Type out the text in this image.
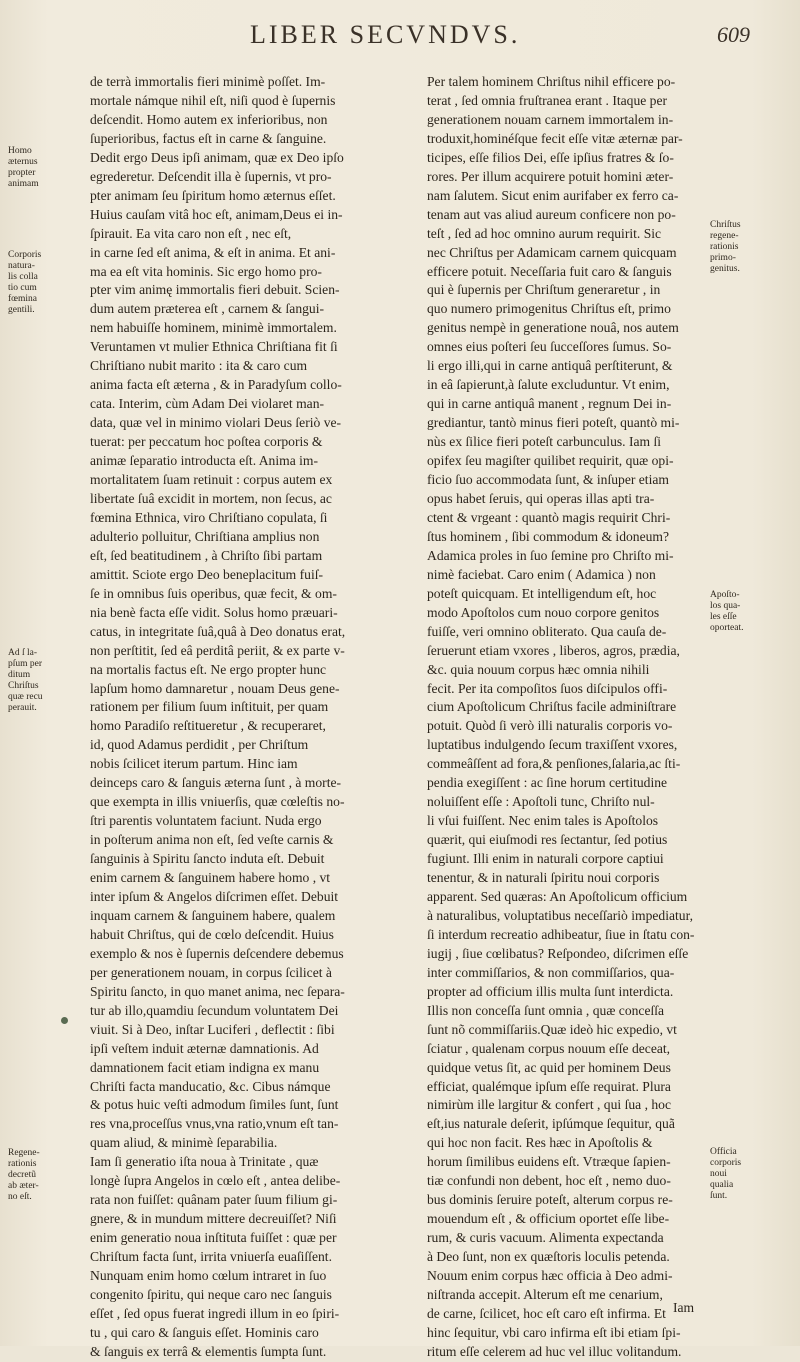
LIBER SECVNDVS.	609
de terrà immortalis fieri minimè poſſet. Im-
mortale námque nihil eſt, niſi quod è ſupernis
deſcendit. Homo autem ex inferioribus, non
ſuperioribus, factus eſt in carne & ſanguine.
Dedit ergo Deus ipſi animam, quæ ex Deo ipſo
egrederetur. Deſcendit illa è ſupernis, vt pro-
pter animam ſeu ſpiritum homo æternus eſſet.
Huius cauſam vitâ hoc eſt, animam,Deus ei in-
ſpirauit. Ea vita caro non eſt , nec eſt,
in carne ſed eſt anima, & eſt in anima. Et ani-
ma ea eſt vita hominis. Sic ergo homo pro-
pter vim animę immortalis fieri debuit. Scien-
dum autem præterea eſt , carnem & ſangui-
nem habuiſſe hominem, minimè immortalem.
Veruntamen vt mulier Ethnica Chriſtiana fit ſi
Chriſtiano nubit marito : ita & caro cum
anima facta eſt æterna , & in Paradyſum collo-
cata. Interim, cùm Adam Dei violaret man-
data, quæ vel in minimo violari Deus ſeriò ve-
tuerat: per peccatum hoc poſtea corporis &
animæ ſeparatio introducta eſt. Anima im-
mortalitatem ſuam retinuit : corpus autem ex
libertate ſuâ excidit in mortem, non ſecus, ac
fœmina Ethnica, viro Chriſtiano copulata, ſi
adulterio polluitur, Chriſtiana amplius non
eſt, ſed beatitudinem , à Chriſto ſibi partam
amittit. Sciote ergo Deo beneplacitum fuiſ-
ſe in omnibus ſuis operibus, quæ fecit, & om-
nia benè facta eſſe vidit. Solus homo præuari-
catus, in integritate ſuâ,quâ à Deo donatus erat,
non perſtitit, ſed eâ perditâ periit, & ex parte v-
na mortalis factus eſt. Ne ergo propter hunc
lapſum homo damnaretur , nouam Deus gene-
rationem per filium ſuum inſtituit, per quam
homo Paradiſo reſtitueretur , & recuperaret,
id, quod Adamus perdidit , per Chriſtum
nobis ſcilicet iterum partum. Hinc iam
deinceps caro & ſanguis æterna ſunt , à morte-
que exempta in illis vniuerſis, quæ cœleſtis no-
ſtri parentis voluntatem faciunt. Nuda ergo
in poſterum anima non eſt, ſed veſte carnis &
ſanguinis à Spiritu ſancto induta eſt. Debuit
enim carnem & ſanguinem habere homo , vt
inter ipſum & Angelos diſcrimen eſſet. Debuit
inquam carnem & ſanguinem habere, qualem
habuit Chriſtus, qui de cœlo deſcendit. Huius
exemplo & nos è ſupernis deſcendere debemus
per generationem nouam, in corpus ſcilicet à
Spiritu ſancto, in quo manet anima, nec ſepara-
tur ab illo,quamdiu ſecundum voluntatem Dei
viuit. Si à Deo, inſtar Luciferi , deflectit : ſibi
ipſi veſtem induit æternæ damnationis. Ad
damnationem facit etiam indigna ex manu
Chriſti facta manducatio, &c. Cibus námque
& potus huic veſti admodum ſimiles ſunt, ſunt
res vna,proceſſus vnus,vna ratio,vnum eſt tan-
quam aliud, & minimè ſeparabilia.
Iam ſi generatio iſta noua à Trinitate , quæ
longè ſupra Angelos in cœlo eſt , antea delibe-
rata non fuiſſet: quânam pater ſuum filium gi-
gnere, & in mundum mittere decreuiſſet? Niſi
enim generatio noua inſtituta fuiſſet : quæ per
Chriſtum facta ſunt, irrita vniuerſa euaſiſſent.
Nunquam enim homo cœlum intraret in ſuo
congenito ſpiritu, qui neque caro nec ſanguis
eſſet , ſed opus fuerat ingredi illum in eo ſpiri-
tu , qui caro & ſanguis eſſet. Hominis caro
& ſanguis ex terrâ & elementis ſumpta ſunt.
Per talem hominem Chriſtus nihil efficere po-
terat , ſed omnia fruſtranea erant . Itaque per
generationem nouam carnem immortalem in-
troduxit,hominéſque fecit eſſe vitæ æternæ par-
ticipes, eſſe filios Dei, eſſe ipſius fratres & ſo-
rores. Per illum acquirere potuit homini æter-
nam ſalutem. Sicut enim aurifaber ex ferro ca-
tenam aut vas aliud aureum conficere non po-
teſt , ſed ad hoc omnino aurum requirit. Sic
nec Chriſtus per Adamicam carnem quicquam
efficere potuit. Neceſſaria fuit caro & ſanguis
qui è ſupernis per Chriſtum generaretur , in
quo numero primogenitus Chriſtus eſt, primo
genitus nempè in generatione nouâ, nos autem
omnes eius poſteri ſeu ſucceſſores ſumus. So-
li ergo illi,qui in carne antiquâ perſtiterunt, &
in eâ ſapierunt,à ſalute excluduntur. Vt enim,
qui in carne antiquâ manent , regnum Dei in-
grediantur, tantò minus fieri poteſt, quantò mi-
nùs ex ſilice fieri poteſt carbunculus. Iam ſi
opifex ſeu magiſter quilibet requirit, quæ opi-
ficio ſuo accommodata ſunt, & inſuper etiam
opus habet ſeruis, qui operas illas apti tra-
ctent & vrgeant : quantò magis requirit Chri-
ſtus hominem , ſibi commodum & idoneum?
Adamica proles in ſuo ſemine pro Chriſto mi-
nimè faciebat. Caro enim ( Adamica ) non
poteſt quicquam. Et intelligendum eſt, hoc
modo Apoſtolos cum nouo corpore genitos
fuiſſe, veri omnino obliterato. Qua cauſa de-
ſeruerunt etiam vxores , liberos, agros, prædia,
&c. quia nouum corpus hæc omnia nihili
fecit. Per ita compoſitos ſuos diſcipulos offi-
cium Apoſtolicum Chriſtus facile adminiſtrare
potuit. Quòd ſi verò illi naturalis corporis vo-
luptatibus indulgendo ſecum traxiſſent vxores,
commeâſſent ad fora,& penſiones,ſalaria,ac ſti-
pendia exegiſſent : ac ſine horum certitudine
noluiſſent eſſe : Apoſtoli tunc, Chriſto nul-
li vſui fuiſſent. Nec enim tales is Apoſtolos
quærit, qui eiuſmodi res ſectantur, ſed potius
fugiunt. Illi enim in naturali corpore captiui
tenentur, & in naturali ſpiritu noui corporis
apparent. Sed quæras: An Apoſtolicum officium
à naturalibus, voluptatibus neceſſariò impediatur,
ſi interdum recreatio adhibeatur, ſiue in ſtatu con-
iugij , ſiue cœlibatus? Reſpondeo, diſcrimen eſſe
inter commiſſarios, & non commiſſarios, qua-
propter ad officium illis multa ſunt interdicta.
Illis non conceſſa ſunt omnia , quæ conceſſa
ſunt nõ commiſſariis.Quæ ideò hic expedio, vt
ſciatur , qualenam corpus nouum eſſe deceat,
quidque vetus ſit, ac quid per hominem Deus
efficiat, qualémque ipſum eſſe requirat. Plura
nimirùm ille largitur & confert , qui ſua , hoc
eſt,ius naturale deſerit, ipſúmque ſequitur, quã
qui hoc non facit. Res hæc in Apoſtolis &
horum ſimilibus euidens eſt. Vtræque ſapien-
tiæ confundi non debent, hoc eſt , nemo duo-
bus dominis ſeruire poteſt, alterum corpus re-
mouendum eſt , & officium oportet eſſe libe-
rum, & curis vacuum. Alimenta expectanda
à Deo ſunt, non ex quæſtoris loculis petenda.
Nouum enim corpus hæc officia à Deo admi-
niſtranda accepit. Alterum eſt me cenarium,
de carne, ſcilicet, hoc eſt caro eſt infirma. Et
hinc ſequitur, vbi caro infirma eſt ibi etiam ſpi-
ritum eſſe celerem ad huc vel illuc volitandum.
Homo
æternus
propter
animam
Corporis
natura-
lis colla
tio cum
fœmina
gentili.
Ad ſ la-
pſum per
ditum
Chriſtus
quæ recu
perauit.
Regene-
rationis
decretũ
ab æter-
no eſt.
Chriſtus
regene-
rationis
primo-
genitus.
Apoſto-
los qua-
les eſſe
oporteat.
Officia
corporis
noui
qualia
ſunt.
Iam
